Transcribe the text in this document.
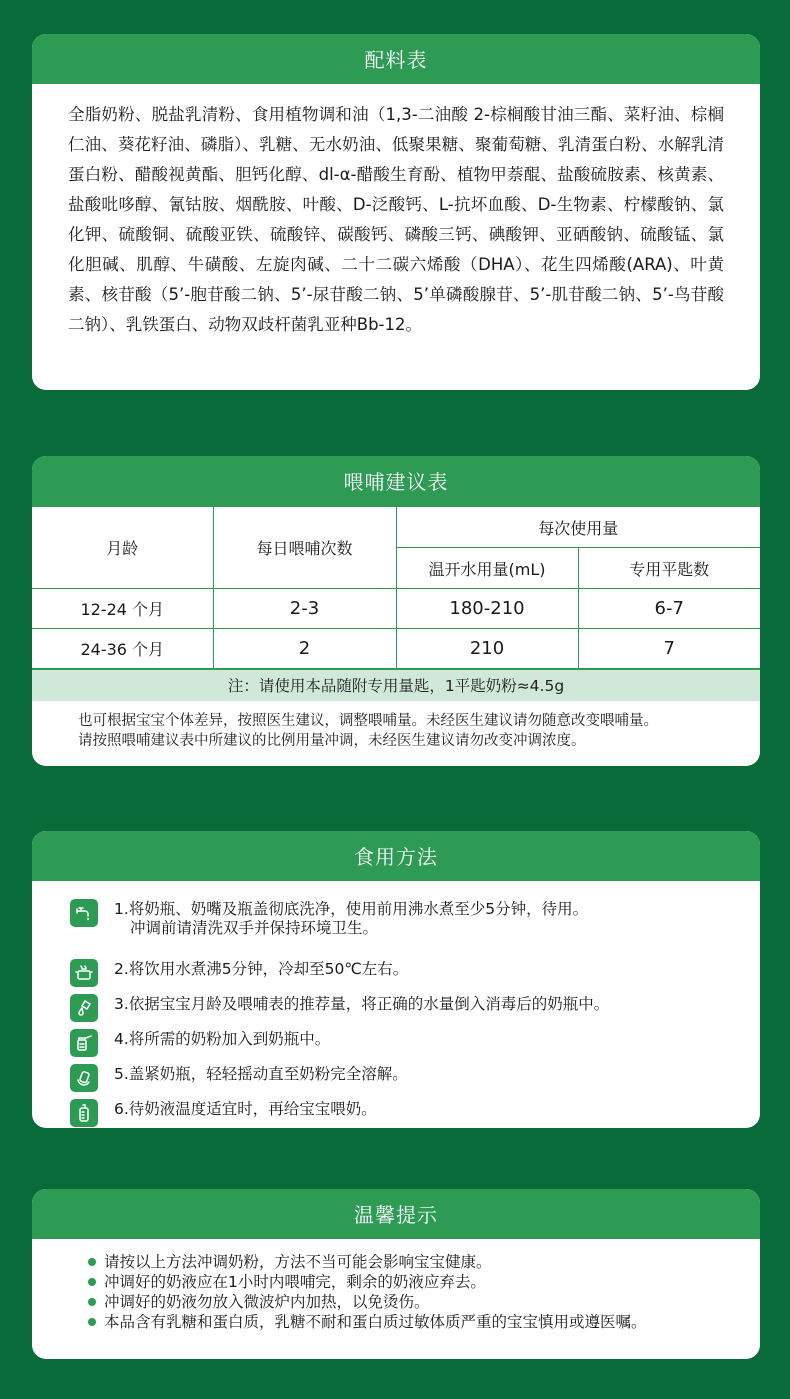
配料表
全脂奶粉、脱盐乳清粉、食用植物调和油（1,3-二油酸 2-棕榈酸甘油三酯、菜籽油、棕榈仁油、葵花籽油、磷脂）、乳糖、无水奶油、低聚果糖、聚葡萄糖、乳清蛋白粉、水解乳清蛋白粉、醋酸视黄酯、胆钙化醇、dl-α-醋酸生育酚、植物甲萘醌、盐酸硫胺素、核黄素、盐酸吡哆醇、氰钴胺、烟酰胺、叶酸、D-泛酸钙、L-抗坏血酸、D-生物素、柠檬酸钠、氯化钾、硫酸铜、硫酸亚铁、硫酸锌、碳酸钙、磷酸三钙、碘酸钾、亚硒酸钠、硫酸锰、氯化胆碱、肌醇、牛磺酸、左旋肉碱、二十二碳六烯酸（DHA）、花生四烯酸(ARA)、叶黄素、核苷酸（5’-胞苷酸二钠、5’-尿苷酸二钠、5’单磷酸腺苷、5’-肌苷酸二钠、5’-鸟苷酸二钠）、乳铁蛋白、动物双歧杆菌乳亚种Bb-12。
喂哺建议表
月龄	每日喂哺次数	每次使用量	
		温开水用量(mL)	专用平匙数
12-24 个月	2-3	180-210	6-7
24-36 个月	2	210	7
注：请使用本品随附专用量匙，1平匙奶粉≈4.5g
也可根据宝宝个体差异，按照医生建议，调整喂哺量。未经医生建议请勿随意改变喂哺量。
请按照喂哺建议表中所建议的比例用量冲调，未经医生建议请勿改变冲调浓度。
食用方法
1.将奶瓶、奶嘴及瓶盖彻底洗净，使用前用沸水煮至少5分钟，待用。
冲调前请清洗双手并保持环境卫生。
2.将饮用水煮沸5分钟，冷却至50℃左右。
3.依据宝宝月龄及喂哺表的推荐量，将正确的水量倒入消毒后的奶瓶中。
4.将所需的奶粉加入到奶瓶中。
5.盖紧奶瓶，轻轻摇动直至奶粉完全溶解。
6.待奶液温度适宜时，再给宝宝喂奶。
温馨提示
请按以上方法冲调奶粉，方法不当可能会影响宝宝健康。
冲调好的奶液应在1小时内喂哺完，剩余的奶液应弃去。
冲调好的奶液勿放入微波炉内加热，以免烫伤。
本品含有乳糖和蛋白质，乳糖不耐和蛋白质过敏体质严重的宝宝慎用或遵医嘱。
